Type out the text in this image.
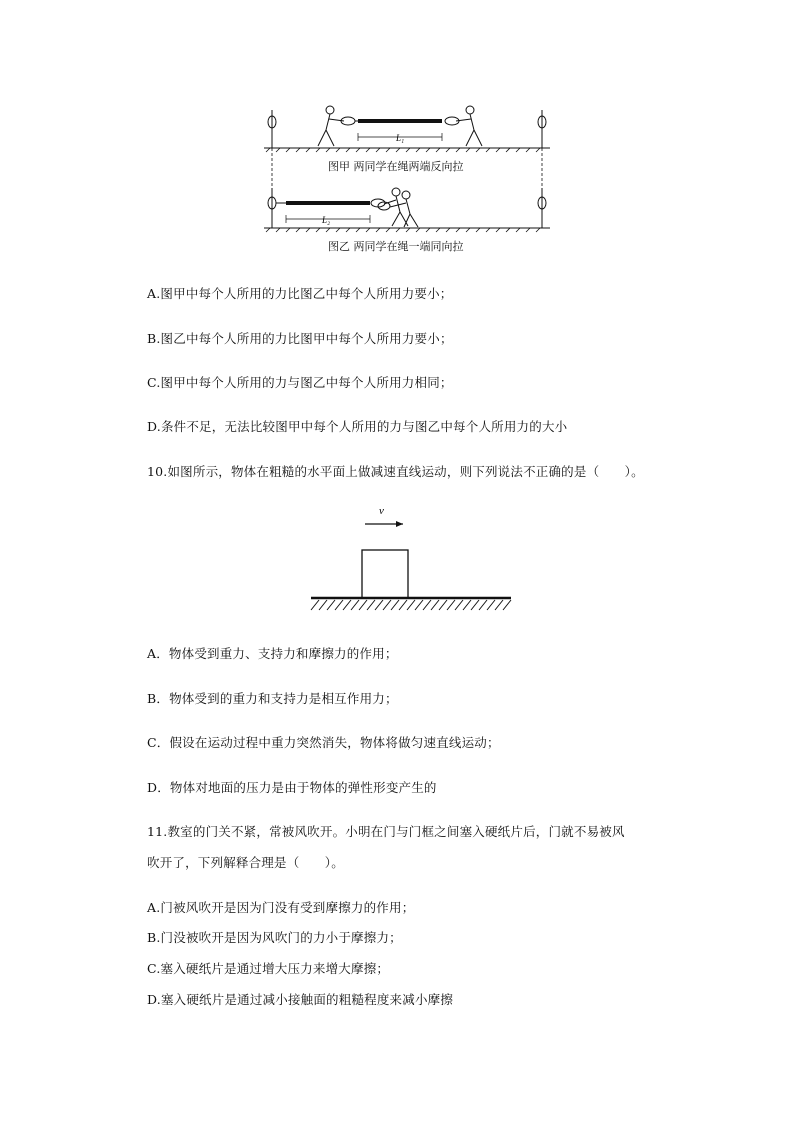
L₁
L₂
图甲 两同学在绳两端反向拉
图乙 两同学在绳一端同向拉
A.图甲中每个人所用的力比图乙中每个人所用力要小；
B.图乙中每个人所用的力比图甲中每个人所用力要小；
C.图甲中每个人所用的力与图乙中每个人所用力相同；
D.条件不足，无法比较图甲中每个人所用的力与图乙中每个人所用力的大小
10.如图所示，物体在粗糙的水平面上做减速直线运动，则下列说法不正确的是（　　）。
v
A．物体受到重力、支持力和摩擦力的作用；
B．物体受到的重力和支持力是相互作用力；
C．假设在运动过程中重力突然消失，物体将做匀速直线运动；
D．物体对地面的压力是由于物体的弹性形变产生的
11.教室的门关不紧，常被风吹开。小明在门与门框之间塞入硬纸片后，门就不易被风
吹开了，下列解释合理是（　　）。
A.门被风吹开是因为门没有受到摩擦力的作用；
B.门没被吹开是因为风吹门的力小于摩擦力；
C.塞入硬纸片是通过增大压力来增大摩擦；
D.塞入硬纸片是通过减小接触面的粗糙程度来减小摩擦
